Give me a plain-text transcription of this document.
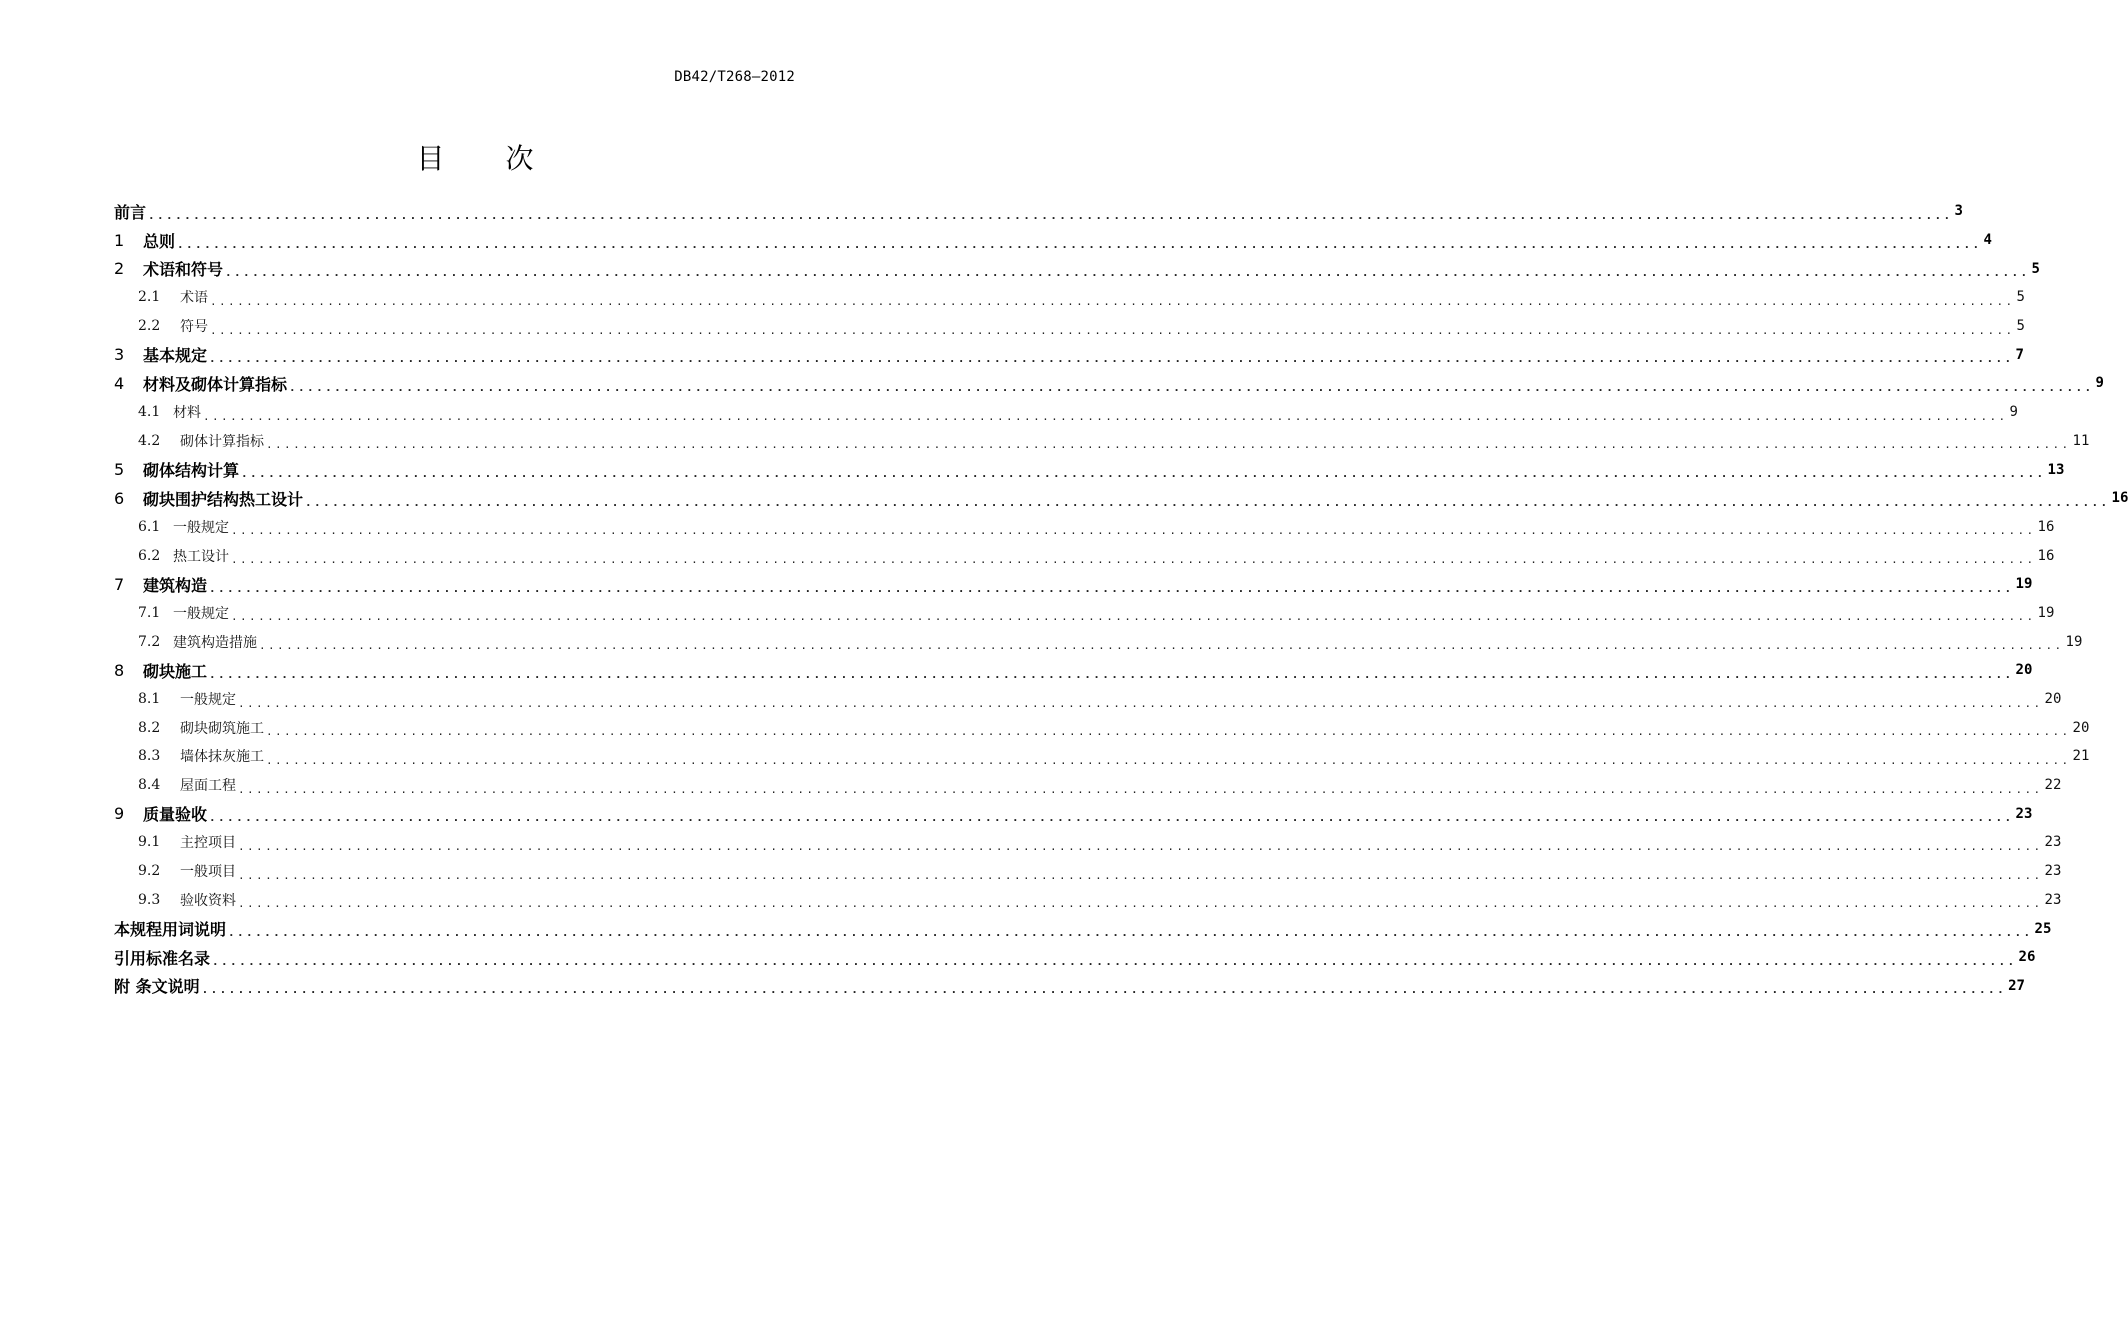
DB42/T268—2012
目 次
前言 ........................................................................................................................................................................................................ 3
1	总则 ........................................................................................................................................................................................................ 4
2	术语和符号 ........................................................................................................................................................................................................ 5
2.1	术语 ........................................................................................................................................................................................................ 5
2.2	符号 ........................................................................................................................................................................................................ 5
3	基本规定 ........................................................................................................................................................................................................ 7
4	材料及砌体计算指标 ........................................................................................................................................................................................................ 9
4.1 材料 ........................................................................................................................................................................................................ 9
4.2	砌体计算指标 ........................................................................................................................................................................................................ 11
5	砌体结构计算 ........................................................................................................................................................................................................ 13
6	砌块围护结构热工设计 ........................................................................................................................................................................................................ 16
6.1 一般规定 ........................................................................................................................................................................................................ 16
6.2 热工设计 ........................................................................................................................................................................................................ 16
7	建筑构造 ........................................................................................................................................................................................................ 19
7.1 一般规定 ........................................................................................................................................................................................................ 19
7.2 建筑构造措施 ........................................................................................................................................................................................................ 19
8	砌块施工 ........................................................................................................................................................................................................ 20
8.1	一般规定 ........................................................................................................................................................................................................ 20
8.2	砌块砌筑施工 ........................................................................................................................................................................................................ 20
8.3	墙体抹灰施工 ........................................................................................................................................................................................................ 21
8.4	屋面工程 ........................................................................................................................................................................................................ 22
9	质量验收 ........................................................................................................................................................................................................ 23
9.1	主控项目 ........................................................................................................................................................................................................ 23
9.2	一般项目 ........................................................................................................................................................................................................ 23
9.3	验收资料 ........................................................................................................................................................................................................ 23
本规程用词说明 ........................................................................................................................................................................................................ 25
引用标准名录 ........................................................................................................................................................................................................ 26
附 条文说明 ........................................................................................................................................................................................................ 27
